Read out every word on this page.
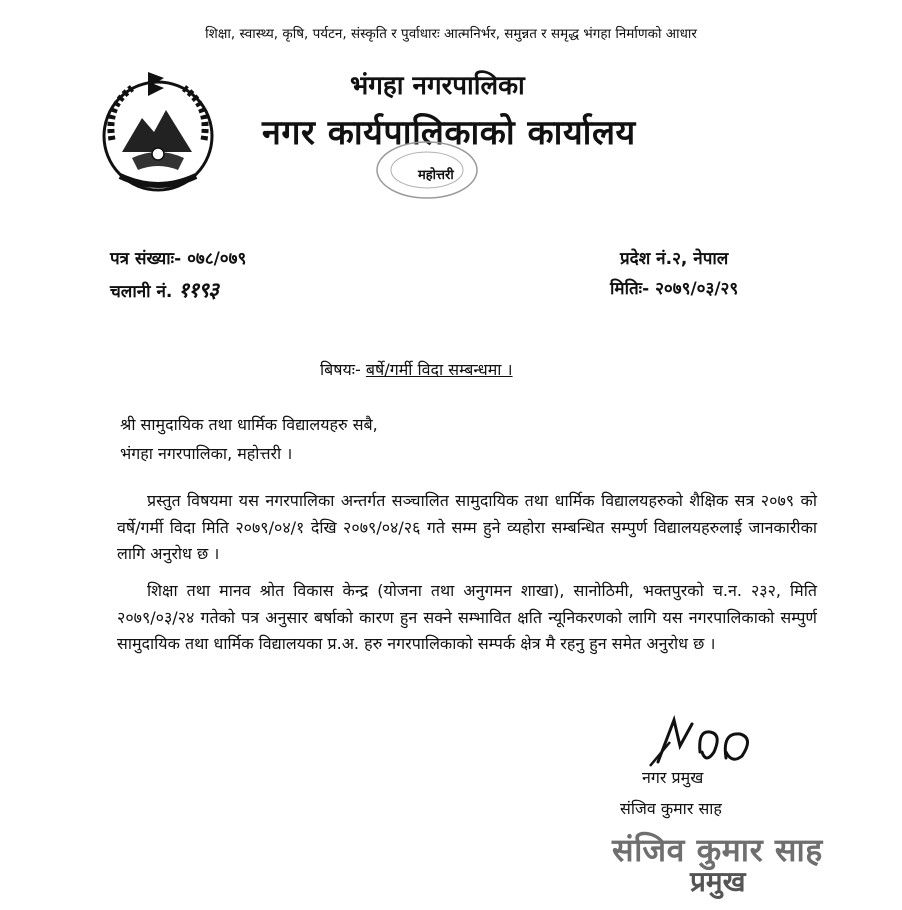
शिक्षा, स्वास्थ्य, कृषि, पर्यटन, संस्कृति र पुर्वाधारः आत्मनिर्भर, समुन्नत र समृद्ध भंगहा निर्माणको आधार
भंगहा नगरपालिका
नगर कार्यपालिकाको कार्यालय
महोत्तरी
पत्र संख्याः- ०७८/०७९
चलानी नं. ११९३
प्रदेश नं.२, नेपाल
मितिः- २०७९/०३/२९
बिषयः- बर्षे/गर्मी विदा सम्बन्धमा ।
श्री सामुदायिक तथा धार्मिक विद्यालयहरु सबै,
भंगहा नगरपालिका, महोत्तरी ।
प्रस्तुत विषयमा यस नगरपालिका अन्तर्गत सञ्चालित सामुदायिक तथा धार्मिक विद्यालयहरुको शैक्षिक सत्र २०७९ को वर्षे/गर्मी विदा मिति २०७९/०४/१ देखि २०७९/०४/२६ गते सम्म हुने व्यहोरा सम्बन्धित सम्पुर्ण विद्यालयहरुलाई जानकारीका लागि अनुरोध छ ।
शिक्षा तथा मानव श्रोत विकास केन्द्र (योजना तथा अनुगमन शाखा), सानोठिमी, भक्तपुरको च.न. २३२, मिति २०७९/०३/२४ गतेको पत्र अनुसार बर्षाको कारण हुन सक्ने सम्भावित क्षति न्यूनिकरणको लागि यस नगरपालिकाको सम्पुर्ण सामुदायिक तथा धार्मिक विद्यालयका प्र.अ. हरु नगरपालिकाको सम्पर्क क्षेत्र मै रहनु हुन समेत अनुरोध छ ।
नगर प्रमुख
संजिव कुमार साह
संजिव कुमार साह
प्रमुख
